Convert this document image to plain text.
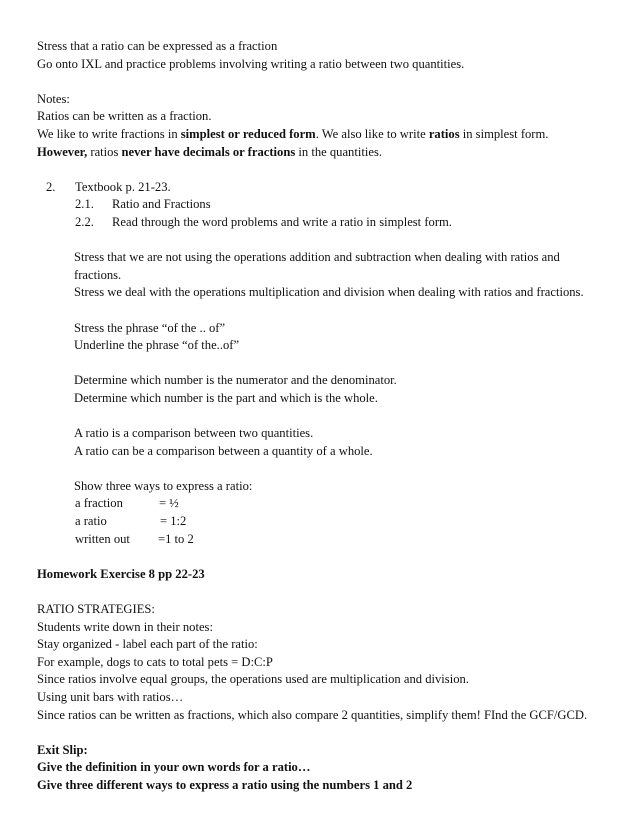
Stress that a ratio can be expressed as a fraction
Go onto IXL and practice problems involving writing a ratio between two quantities.
Notes:
Ratios can be written as a fraction.
We like to write fractions in simplest or reduced form. We also like to write ratios in simplest form.
However, ratios never have decimals or fractions in the quantities.
2. Textbook p. 21-23.
2.1. Ratio and Fractions
2.2. Read through the word problems and write a ratio in simplest form.
Stress that we are not using the operations addition and subtraction when dealing with ratios and
fractions.
Stress we deal with the operations multiplication and division when dealing with ratios and fractions.
Stress the phrase “of the .. of”
Underline the phrase “of the..of”
Determine which number is the numerator and the denominator.
Determine which number is the part and which is the whole.
A ratio is a comparison between two quantities.
A ratio can be a comparison between a quantity of a whole.
Show three ways to express a ratio:
a fraction	= ½
a ratio	= 1:2
written out =1 to 2
Homework Exercise 8 pp 22-23
RATIO STRATEGIES:
Students write down in their notes:
Stay organized - label each part of the ratio:
For example, dogs to cats to total pets = D:C:P
Since ratios involve equal groups, the operations used are multiplication and division.
Using unit bars with ratios…
Since ratios can be written as fractions, which also compare 2 quantities, simplify them! FInd the GCF/GCD.
Exit Slip:
Give the definition in your own words for a ratio…
Give three different ways to express a ratio using the numbers 1 and 2
